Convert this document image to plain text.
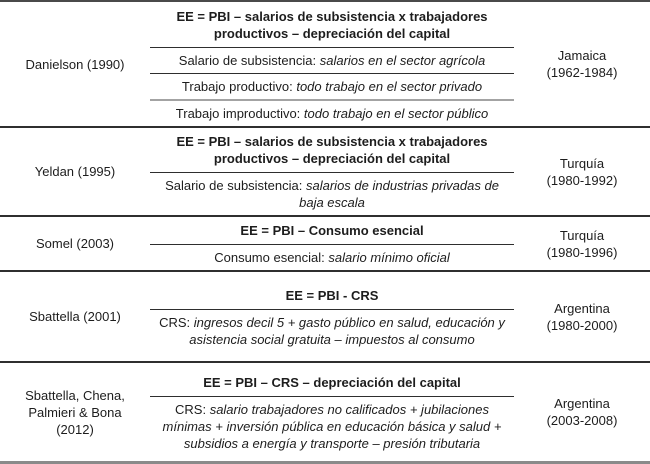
Danielson (1990)
EE = PBI – salarios de subsistencia x trabajadores productivos – depreciación del capital
Salario de subsistencia: salarios en el sector agrícola
Trabajo productivo: todo trabajo en el sector privado
Trabajo improductivo: todo trabajo en el sector público
Jamaica
(1962-1984)
Yeldan (1995)
EE = PBI – salarios de subsistencia x trabajadores productivos – depreciación del capital
Salario de subsistencia: salarios de industrias privadas de baja escala
Turquía
(1980-1992)
Somel (2003)
EE = PBI – Consumo esencial
Consumo esencial: salario mínimo oficial
Turquía
(1980-1996)
Sbattella (2001)
EE = PBI - CRS
CRS: ingresos decil 5 + gasto público en salud, educación y asistencia social gratuita – impuestos al consumo
Argentina
(1980-2000)
Sbattella, Chena, Palmieri & Bona (2012)
EE = PBI – CRS – depreciación del capital
CRS: salario trabajadores no calificados + jubilaciones mínimas + inversión pública en educación básica y salud + subsidios a energía y transporte – presión tributaria
Argentina
(2003-2008)
